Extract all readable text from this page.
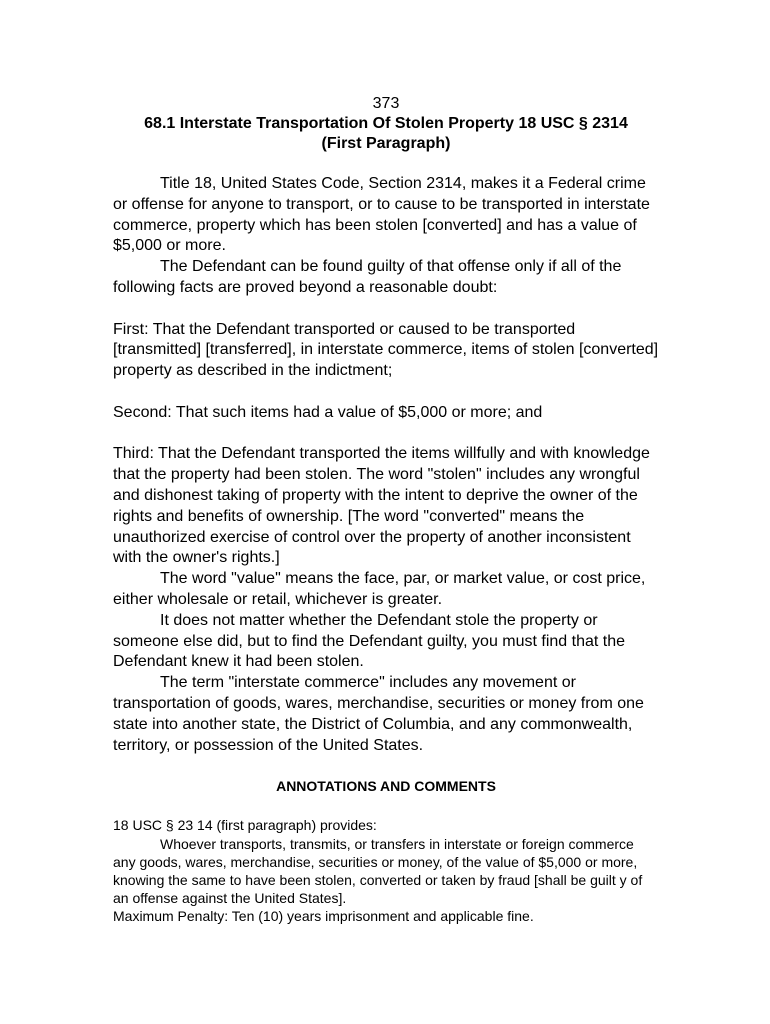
373

68.1 Interstate Transportation Of Stolen Property 18 USC § 2314

(First Paragraph)

Title 18, United States Code, Section 2314, makes it a Federal crime or offense for anyone to transport, or to cause to be transported in interstate commerce, property which has been stolen [converted] and has a value of $5,000 or more.

The Defendant can be found guilty of that offense only if all of the following facts are proved beyond a reasonable doubt:

First: That the Defendant transported or caused to be transported [transmitted] [transferred], in interstate commerce, items of stolen [converted] property as described in the indictment;

Second: That such items had a value of $5,000 or more; and

Third: That the Defendant transported the items willfully and with knowledge that the property had been stolen. The word "stolen" includes any wrongful and dishonest taking of property with the intent to deprive the owner of the rights and benefits of ownership. [The word "converted" means the unauthorized exercise of control over the property of another inconsistent with the owner's rights.]

The word "value" means the face, par, or market value, or cost price, either wholesale or retail, whichever is greater.

It does not matter whether the Defendant stole the property or someone else did, but to find the Defendant guilty, you must find that the Defendant knew it had been stolen.

The term "interstate commerce" includes any movement or transportation of goods, wares, merchandise, securities or money from one state into another state, the District of Columbia, and any commonwealth, territory, or possession of the United States.

ANNOTATIONS AND COMMENTS

18 USC § 23 14 (first paragraph) provides:

Whoever transports, transmits, or transfers in interstate or foreign commerce any goods, wares, merchandise, securities or money, of the value of $5,000 or more, knowing the same to have been stolen, converted or taken by fraud [shall be guilt y of an offense against the United States].

Maximum Penalty: Ten (10) years imprisonment and applicable fine.
